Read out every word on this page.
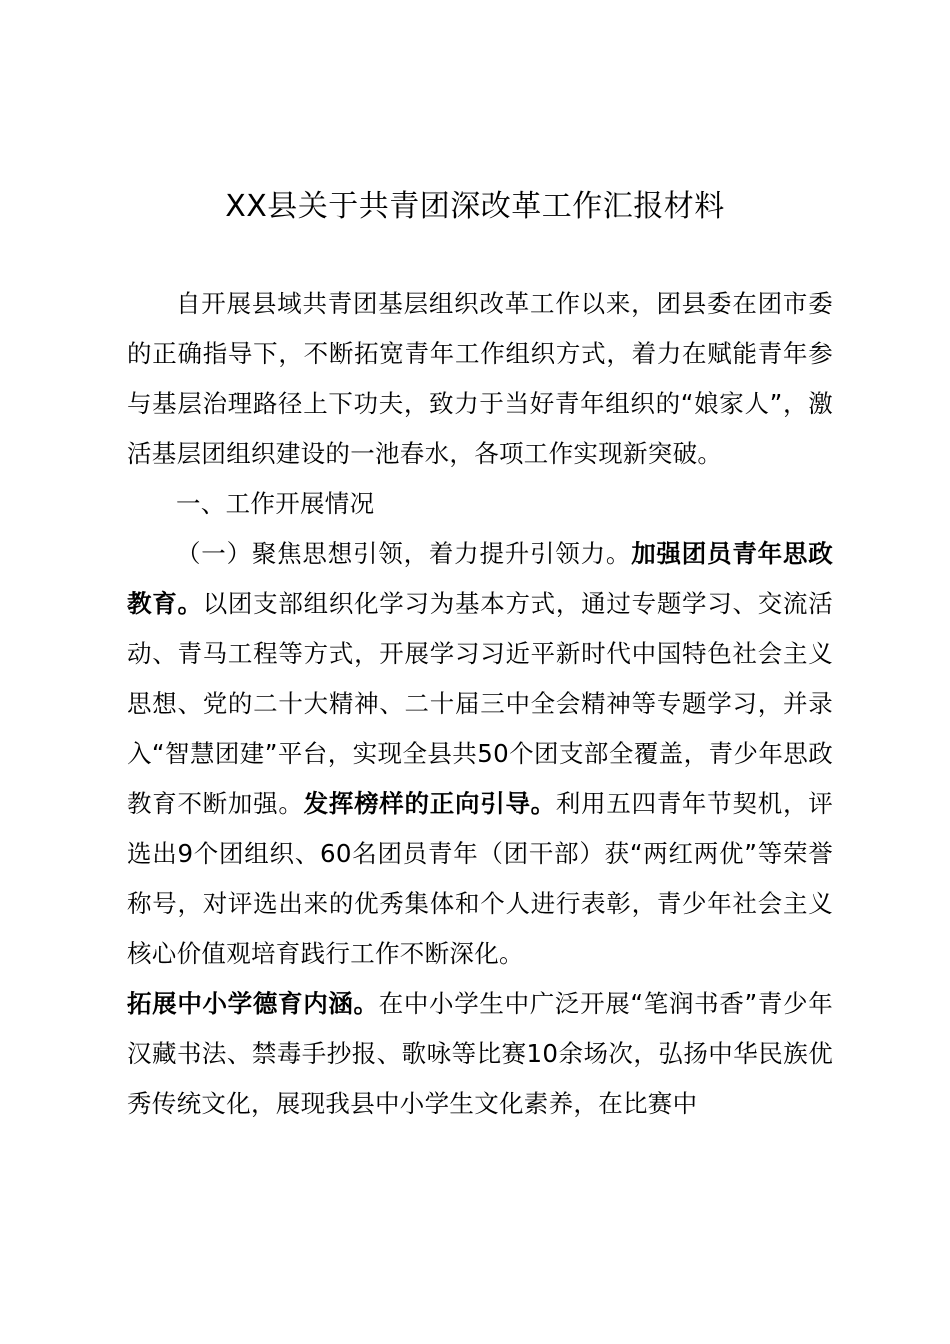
XX县关于共青团深改革工作汇报材料

自开展县域共青团基层组织改革工作以来，团县委在团市委的正确指导下，不断拓宽青年工作组织方式，着力在赋能青年参与基层治理路径上下功夫，致力于当好青年组织的“娘家人”，激活基层团组织建设的一池春水，各项工作实现新突破。

一、工作开展情况

（一）聚焦思想引领，着力提升引领力。加强团员青年思政教育。以团支部组织化学习为基本方式，通过专题学习、交流活动、青马工程等方式，开展学习习近平新时代中国特色社会主义思想、党的二十大精神、二十届三中全会精神等专题学习，并录入“智慧团建”平台，实现全县共50个团支部全覆盖，青少年思政教育不断加强。发挥榜样的正向引导。利用五四青年节契机，评选出9个团组织、60名团员青年（团干部）获“两红两优”等荣誉称号，对评选出来的优秀集体和个人进行表彰，青少年社会主义核心价值观培育践行工作不断深化。
拓展中小学德育内涵。在中小学生中广泛开展“笔润书香”青少年汉藏书法、禁毒手抄报、歌咏等比赛10余场次，弘扬中华民族优秀传统文化，展现我县中小学生文化素养，在比赛中
